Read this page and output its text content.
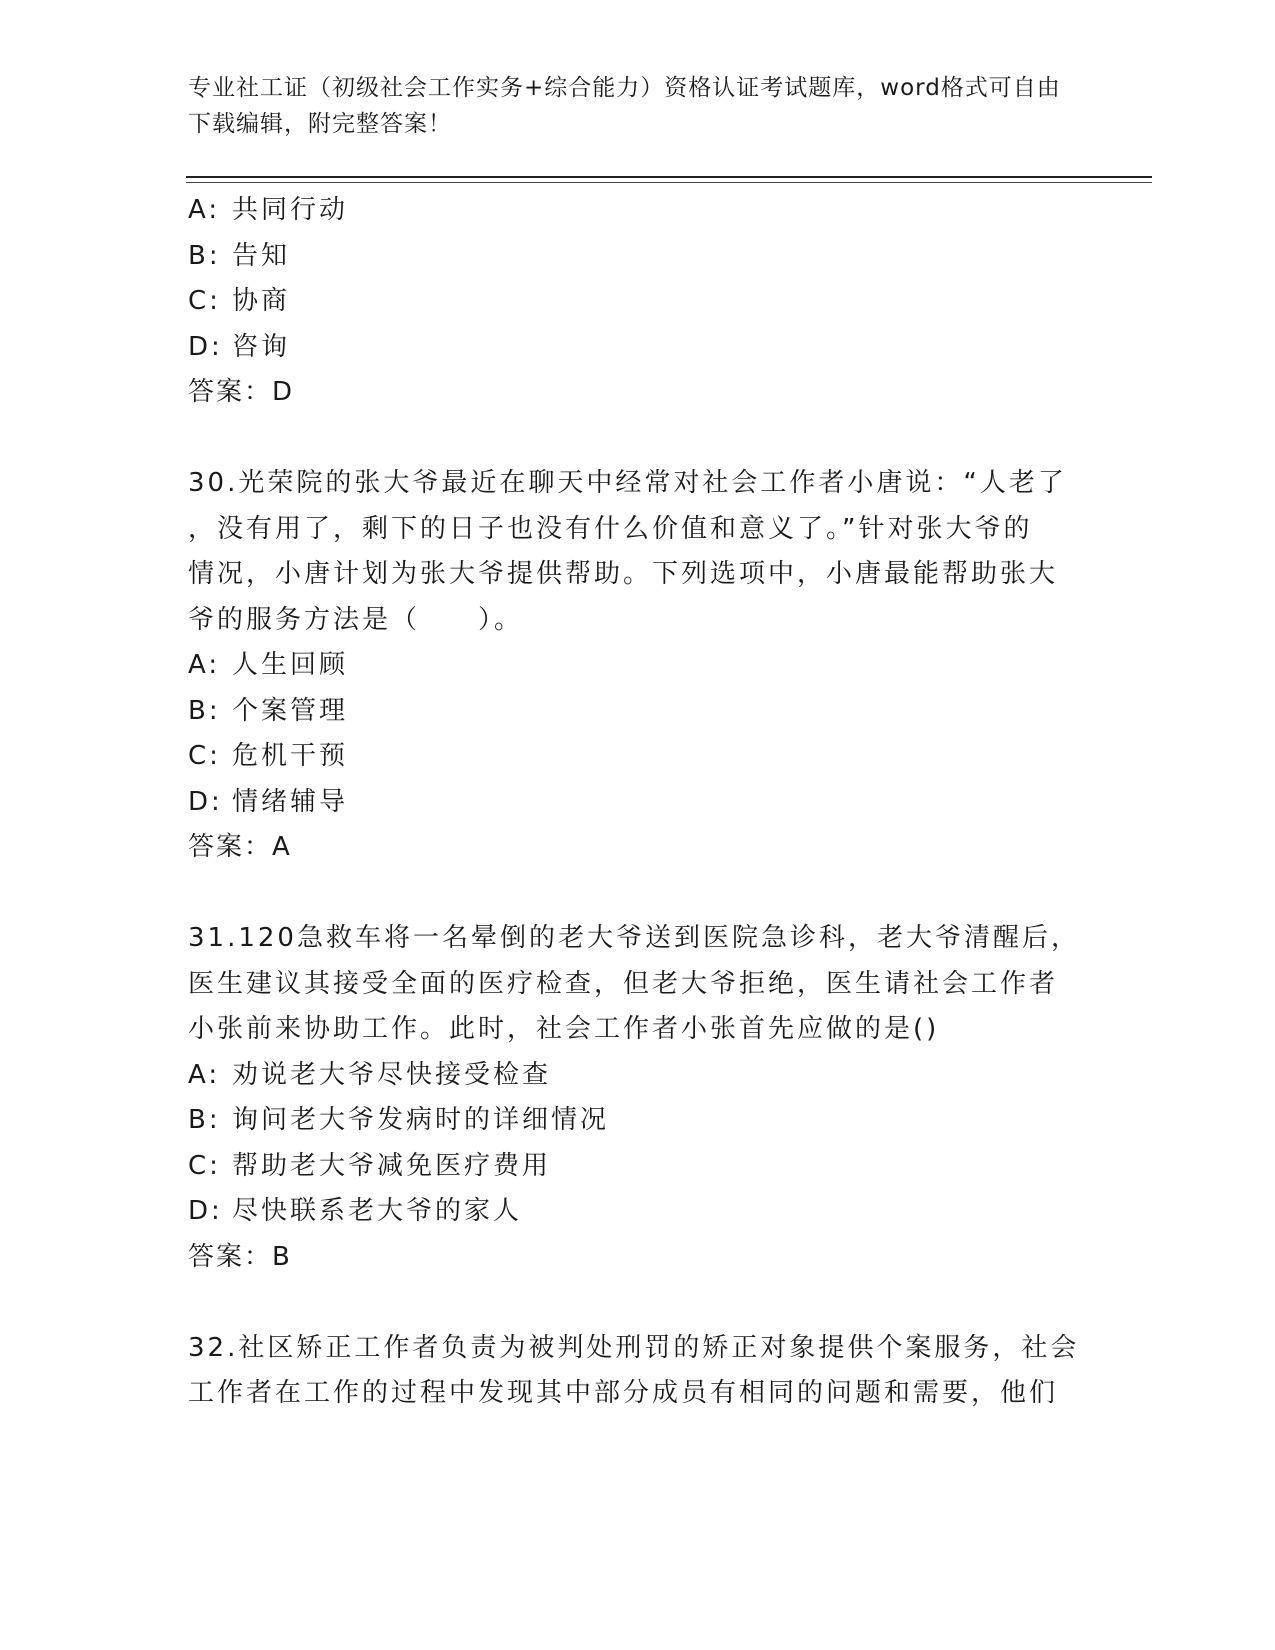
专业社工证（初级社会工作实务+综合能力）资格认证考试题库，word格式可自由
下载编辑，附完整答案！
A: 共同行动
B: 告知
C: 协商
D: 咨询
答案：D
30.光荣院的张大爷最近在聊天中经常对社会工作者小唐说：“人老了
，没有用了，剩下的日子也没有什么价值和意义了。”针对张大爷的
情况，小唐计划为张大爷提供帮助。下列选项中，小唐最能帮助张大
爷的服务方法是（　　）。
A: 人生回顾
B: 个案管理
C: 危机干预
D: 情绪辅导
答案：A
31.120急救车将一名晕倒的老大爷送到医院急诊科，老大爷清醒后，
医生建议其接受全面的医疗检查，但老大爷拒绝，医生请社会工作者
小张前来协助工作。此时，社会工作者小张首先应做的是()
A: 劝说老大爷尽快接受检查
B: 询问老大爷发病时的详细情况
C: 帮助老大爷减免医疗费用
D: 尽快联系老大爷的家人
答案：B
32.社区矫正工作者负责为被判处刑罚的矫正对象提供个案服务，社会
工作者在工作的过程中发现其中部分成员有相同的问题和需要，他们
